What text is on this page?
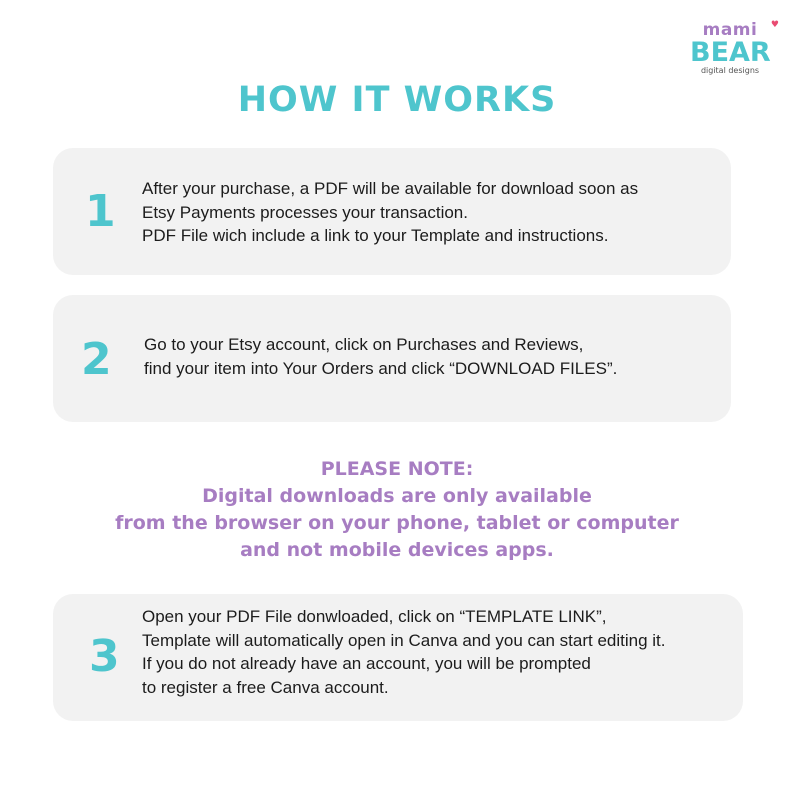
mami ♥
BEAR
digital designs
HOW IT WORKS
1 After your purchase, a PDF will be available for download soon as
Etsy Payments processes your transaction.
PDF File wich include a link to your Template and instructions.
2 Go to your Etsy account, click on Purchases and Reviews,
find your item into Your Orders and click “DOWNLOAD FILES”.
PLEASE NOTE:
Digital downloads are only available
from the browser on your phone, tablet or computer
and not mobile devices apps.
3
Open your PDF File donwloaded, click on “TEMPLATE LINK”,
Template will automatically open in Canva and you can start editing it.
If you do not already have an account, you will be prompted
to register a free Canva account.
